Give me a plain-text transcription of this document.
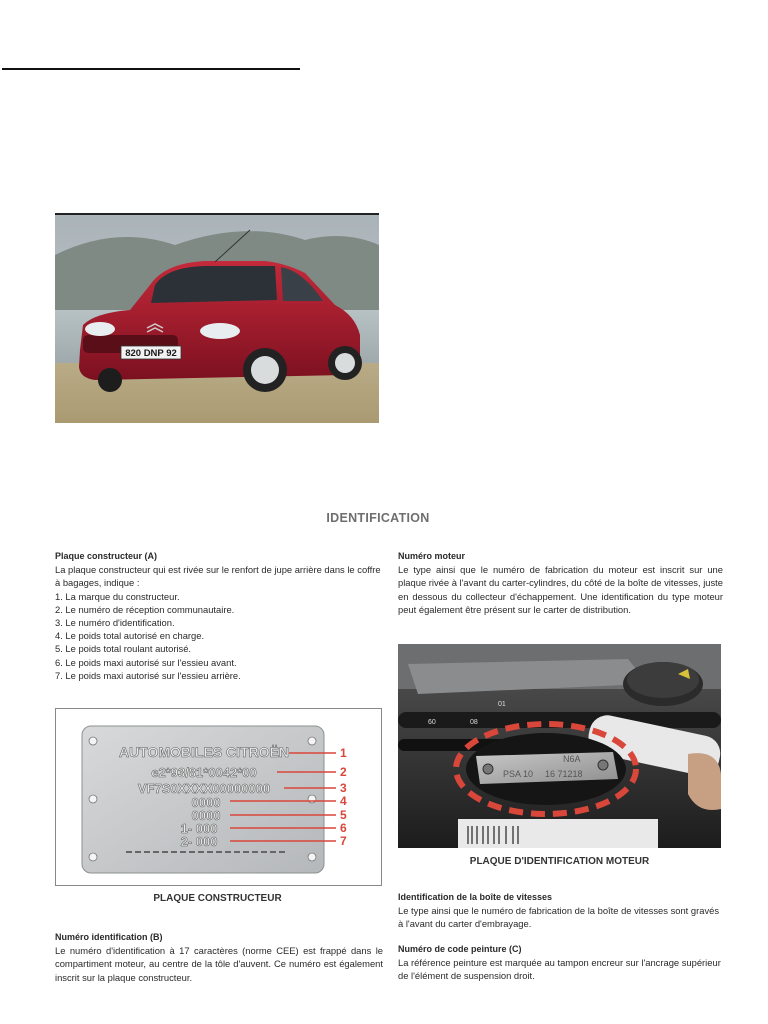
820 DNP 92
IDENTIFICATION
Plaque constructeur (A)
La plaque constructeur qui est rivée sur le renfort de jupe arrière dans le coffre à bagages, indique :
1. La marque du constructeur.
2. Le numéro de réception communautaire.
3. Le numéro d'identification.
4. Le poids total autorisé en charge.
5. Le poids total roulant autorisé.
6. Le poids maxi autorisé sur l'essieu avant.
7. Le poids maxi autorisé sur l'essieu arrière.
Numéro moteur
Le type ainsi que le numéro de fabrication du moteur est inscrit sur une plaque rivée à l'avant du carter-cylindres, du côté de la boîte de vitesses, juste en dessous du collecteur d'échappement. Une identification du type moteur peut également être présent sur le carter de distribution.
AUTOMOBILES CITROËN
e2*93/81*0042*00
VF7S0XXXX00000000
0000
0000
1- 000
2- 000
1
2
3
4
5
6
7
PLAQUE CONSTRUCTEUR
08
01
60
N6A
PSA 10 16 71218
PLAQUE D'IDENTIFICATION MOTEUR
Numéro identification (B)
Le numéro d'identification à 17 caractères (norme CEE) est frappé dans le compartiment moteur, au centre de la tôle d'auvent. Ce numéro est également inscrit sur la plaque constructeur.
Identification de la boîte de vitesses
Le type ainsi que le numéro de fabrication de la boîte de vitesses sont gravés à l'avant du carter d'embrayage.
Numéro de code peinture (C)
La référence peinture est marquée au tampon encreur sur l'ancrage supérieur de l'élément de suspension droit.
